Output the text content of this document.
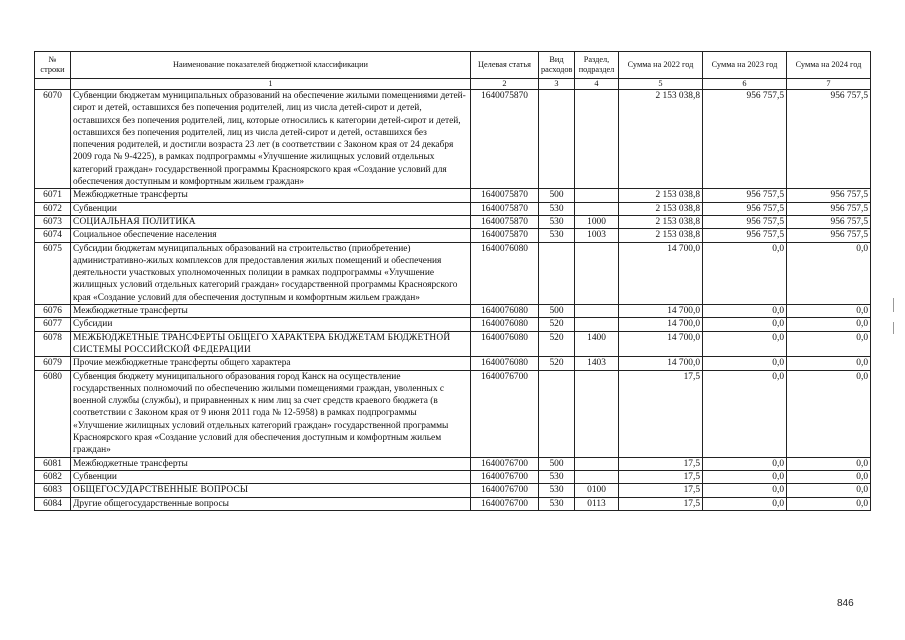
№ строки	Наименование показателей бюджетной классификации	Целевая статья	Вид расходов	Раздел, подраздел	Сумма на 2022 год	Сумма на 2023 год	Сумма на 2024 год
	1	2	3	4	5	6	7
6070	Субвенции бюджетам муниципальных образований на обеспечение жилыми помещениями детей-сирот и детей, оставшихся без попечения родителей, лиц из числа детей-сирот и детей, оставшихся без попечения родителей, лиц, которые относились к категории детей-сирот и детей, оставшихся без попечения родителей, лиц из числа детей-сирот и детей, оставшихся без попечения родителей, и достигли возраста 23 лет (в соответствии с Законом края от 24 декабря 2009 года № 9-4225), в рамках подпрограммы «Улучшение жилищных условий отдельных категорий граждан» государственной программы Красноярского края «Создание условий для обеспечения доступным и комфортным жильем граждан»	1640075870			2 153 038,8	956 757,5	956 757,5
6071	Межбюджетные трансферты	1640075870	500		2 153 038,8	956 757,5	956 757,5
6072	Субвенции	1640075870	530		2 153 038,8	956 757,5	956 757,5
6073	СОЦИАЛЬНАЯ ПОЛИТИКА	1640075870	530	1000	2 153 038,8	956 757,5	956 757,5
6074	Социальное обеспечение населения	1640075870	530	1003	2 153 038,8	956 757,5	956 757,5
6075	Субсидии бюджетам муниципальных образований на строительство (приобретение) административно-жилых комплексов для предоставления жилых помещений и обеспечения деятельности участковых уполномоченных полиции в рамках подпрограммы «Улучшение жилищных условий отдельных категорий граждан» государственной программы Красноярского края «Создание условий для обеспечения доступным и комфортным жильем граждан»	1640076080			14 700,0	0,0	0,0
6076	Межбюджетные трансферты	1640076080	500		14 700,0	0,0	0,0
6077	Субсидии	1640076080	520		14 700,0	0,0	0,0
6078	МЕЖБЮДЖЕТНЫЕ ТРАНСФЕРТЫ ОБЩЕГО ХАРАКТЕРА БЮДЖЕТАМ БЮДЖЕТНОЙ СИСТЕМЫ РОССИЙСКОЙ ФЕДЕРАЦИИ	1640076080	520	1400	14 700,0	0,0	0,0
6079	Прочие межбюджетные трансферты общего характера	1640076080	520	1403	14 700,0	0,0	0,0
6080	Субвенция бюджету муниципального образования город Канск на осуществление государственных полномочий по обеспечению жилыми помещениями граждан, уволенных с военной службы (службы), и приравненных к ним лиц за счет средств краевого бюджета (в соответствии с Законом края от 9 июня 2011 года № 12-5958) в рамках подпрограммы «Улучшение жилищных условий отдельных категорий граждан» государственной программы Красноярского края «Создание условий для обеспечения доступным и комфортным жильем граждан»	1640076700			17,5	0,0	0,0
6081	Межбюджетные трансферты	1640076700	500		17,5	0,0	0,0
6082	Субвенции	1640076700	530		17,5	0,0	0,0
6083	ОБЩЕГОСУДАРСТВЕННЫЕ ВОПРОСЫ	1640076700	530	0100	17,5	0,0	0,0
6084	Другие общегосударственные вопросы	1640076700	530	0113	17,5	0,0	0,0
846
